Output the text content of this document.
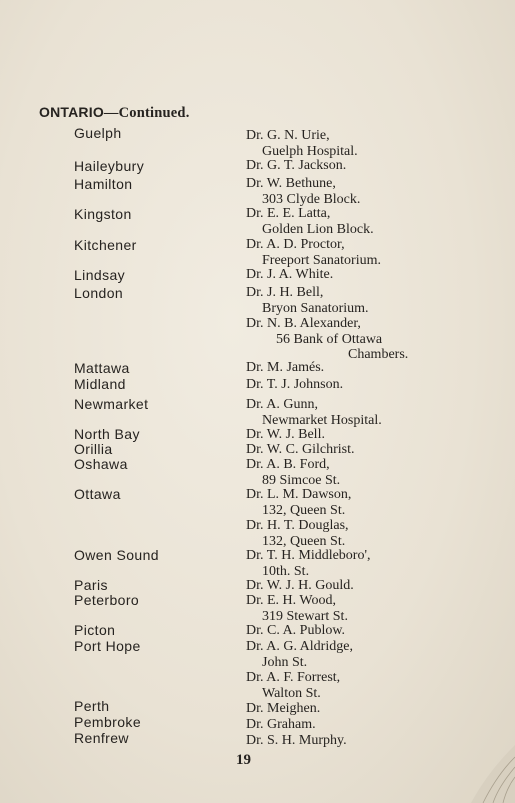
ONTARIO—Continued.
Guelph	Dr. G. N. Urie,
Guelph Hospital.
Haileybury	Dr. G. T. Jackson.
Hamilton	Dr. W. Bethune,
303 Clyde Block.
Kingston	Dr. E. E. Latta,
Golden Lion Block.
Kitchener	Dr. A. D. Proctor,
Freeport Sanatorium.
Lindsay	Dr. J. A. White.
London	Dr. J. H. Bell,
Bryon Sanatorium.
Dr. N. B. Alexander,
56 Bank of Ottawa
Chambers.
Mattawa	Dr. M. Jamés.
Midland	Dr. T. J. Johnson.
Newmarket	Dr. A. Gunn,
Newmarket Hospital.
North Bay	Dr. W. J. Bell.
Orillia	Dr. W. C. Gilchrist.
Oshawa	Dr. A. B. Ford,
89 Simcoe St.
Ottawa	Dr. L. M. Dawson,
132, Queen St.
Dr. H. T. Douglas,
132, Queen St.
Owen Sound	Dr. T. H. Middleboro',
10th. St.
Paris	Dr. W. J. H. Gould.
Peterboro	Dr. E. H. Wood,
319 Stewart St.
Picton	Dr. C. A. Publow.
Port Hope	Dr. A. G. Aldridge,
John St.
Dr. A. F. Forrest,
Walton St.
Perth	Dr. Meighen.
Pembroke	Dr. Graham.
Renfrew	Dr. S. H. Murphy.
19
